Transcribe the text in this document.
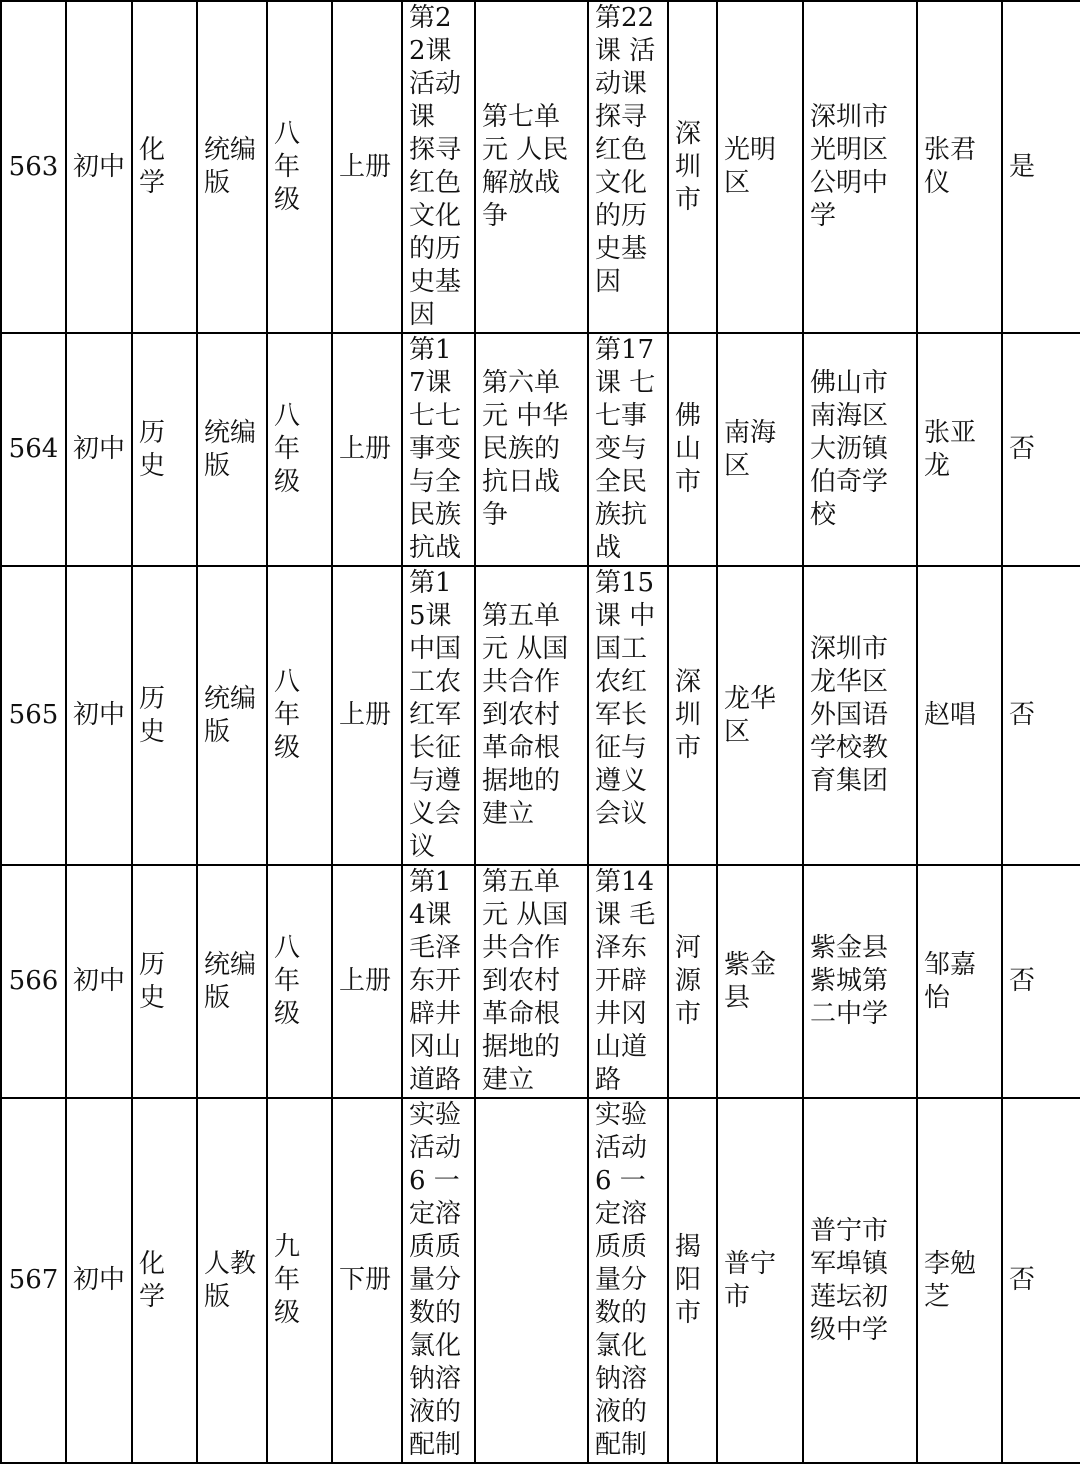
563	初中	化学	统编版	八年级	上册	第22课 活动课 探寻红色文化的历史基因	第七单元 人民解放战争	第22课 活动课 探寻红色文化的历史基因	深圳市	光明区	深圳市光明区公明中学	张君仪	是
564	初中	历史	统编版	八年级	上册	第17课 七七事变与全民族抗战	第六单元 中华民族的抗日战争	第17课 七七事变与全民族抗战	佛山市	南海区	佛山市南海区大沥镇伯奇学校	张亚龙	否
565	初中	历史	统编版	八年级	上册	第15课 中国工农红军长征与遵义会议	第五单元 从国共合作到农村革命根据地的建立	第15课 中国工农红军长征与遵义会议	深圳市	龙华区	深圳市龙华区外国语学校教育集团	赵唱	否
566	初中	历史	统编版	八年级	上册	第14课 毛泽东开辟井冈山道路	第五单元 从国共合作到农村革命根据地的建立	第14课 毛泽东开辟井冈山道路	河源市	紫金县	紫金县紫城第二中学	邹嘉怡	否
567	初中	化学	人教版	九年级	下册	实验活动6 一定溶质质量分数的氯化钠溶液的配制		实验活动6 一定溶质质量分数的氯化钠溶液的配制	揭阳市	普宁市	普宁市军埠镇莲坛初级中学	李勉芝	否
